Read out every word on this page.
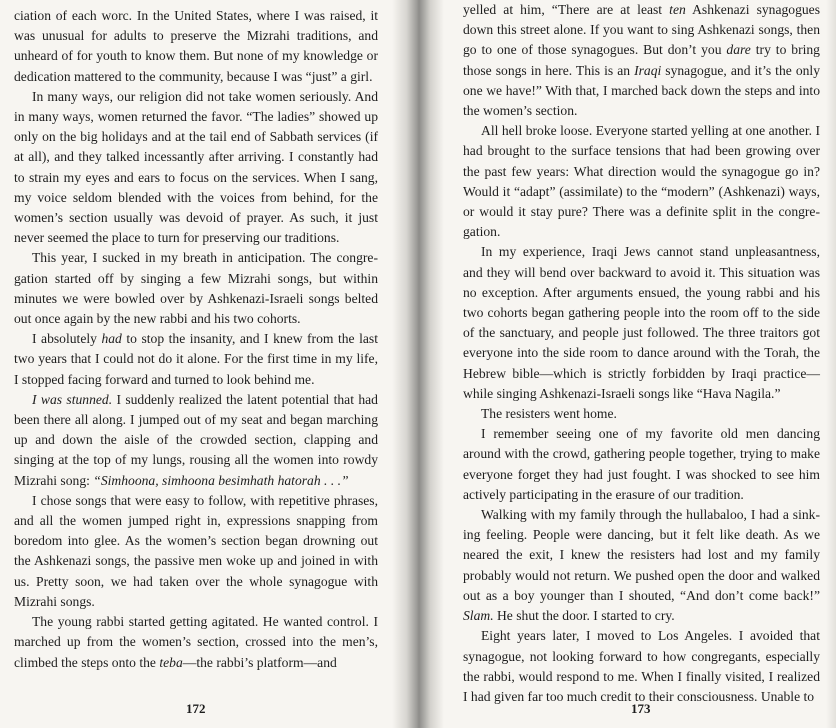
ciation of each worc. In the United States, where I was raised, it was unusual for adults to preserve the Mizrahi traditions, and unheard of for youth to know them. But none of my knowledge or dedication mattered to the community, because I was “just” a girl.

In many ways, our religion did not take women seriously. And in many ways, women returned the favor. “The ladies” showed up only on the big holidays and at the tail end of Sabbath services (if at all), and they talked incessantly after arriving. I constantly had to strain my eyes and ears to focus on the services. When I sang, my voice seldom blended with the voices from behind, for the women’s section usually was devoid of prayer. As such, it just never seemed the place to turn for preserving our traditions.

This year, I sucked in my breath in anticipation. The congregation started off by singing a few Mizrahi songs, but within minutes we were bowled over by Ashkenazi-Israeli songs belted out once again by the new rabbi and his two cohorts.

I absolutely had to stop the insanity, and I knew from the last two years that I could not do it alone. For the first time in my life, I stopped facing forward and turned to look behind me.

I was stunned. I suddenly realized the latent potential that had been there all along. I jumped out of my seat and began marching up and down the aisle of the crowded section, clapping and singing at the top of my lungs, rousing all the women into rowdy Mizrahi song: “Simhoona, simhoona besimhath hatorah . . .”

I chose songs that were easy to follow, with repetitive phrases, and all the women jumped right in, expressions snapping from boredom into glee. As the women’s section began drowning out the Ashkenazi songs, the passive men woke up and joined in with us. Pretty soon, we had taken over the whole synagogue with Mizrahi songs.

The young rabbi started getting agitated. He wanted control. I marched up from the women’s section, crossed into the men’s, climbed the steps onto the teba—the rabbi’s platform—and

172

yelled at him, “There are at least ten Ashkenazi synagogues down this street alone. If you want to sing Ashkenazi songs, then go to one of those synagogues. But don’t you dare try to bring those songs in here. This is an Iraqi synagogue, and it’s the only one we have!” With that, I marched back down the steps and into the women’s section.

All hell broke loose. Everyone started yelling at one another. I had brought to the surface tensions that had been growing over the past few years: What direction would the synagogue go in? Would it “adapt” (assimilate) to the “modern” (Ashkenazi) ways, or would it stay pure? There was a definite split in the congregation.

In my experience, Iraqi Jews cannot stand unpleasantness, and they will bend over backward to avoid it. This situation was no exception. After arguments ensued, the young rabbi and his two cohorts began gathering people into the room off to the side of the sanctuary, and people just followed. The three traitors got everyone into the side room to dance around with the Torah, the Hebrew bible—which is strictly forbidden by Iraqi practice—while singing Ashkenazi-Israeli songs like “Hava Nagila.”

The resisters went home.

I remember seeing one of my favorite old men dancing around with the crowd, gathering people together, trying to make everyone forget they had just fought. I was shocked to see him actively participating in the erasure of our tradition.

Walking with my family through the hullabaloo, I had a sinking feeling. People were dancing, but it felt like death. As we neared the exit, I knew the resisters had lost and my family probably would not return. We pushed open the door and walked out as a boy younger than I shouted, “And don’t come back!” Slam. He shut the door. I started to cry.

Eight years later, I moved to Los Angeles. I avoided that synagogue, not looking forward to how congregants, especially the rabbi, would respond to me. When I finally visited, I realized I had given far too much credit to their consciousness. Unable to

173
